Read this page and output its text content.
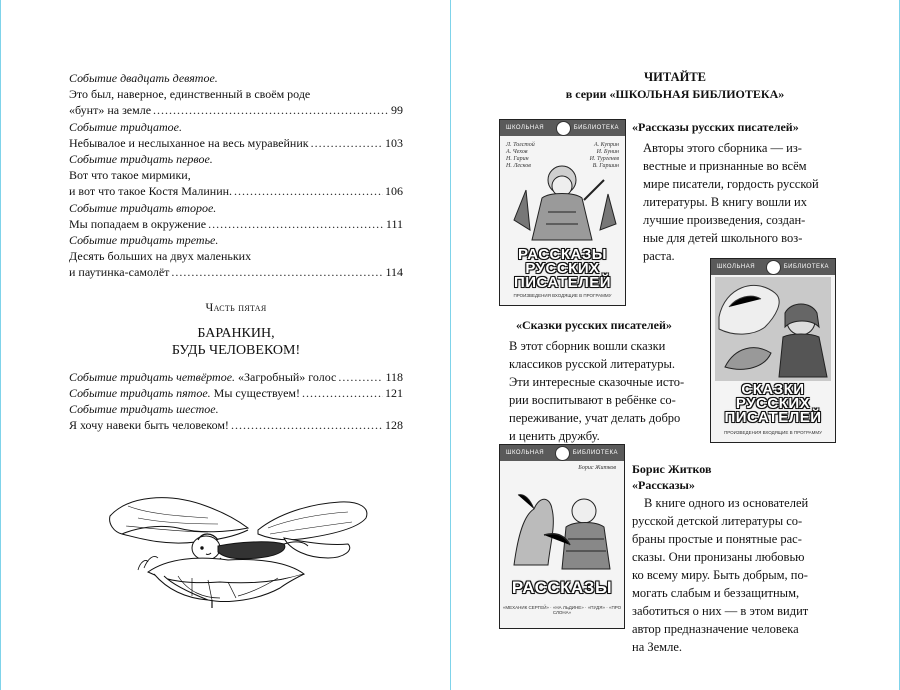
Событие двадцать девятое.
Это был, наверное, единственный в своём роде
«бунт» на земле .....	99
Событие тридцатое.
Небывалое и неслыханное на весь муравейник .....	103
Событие тридцать первое.
Вот что такое мирмики,
и вот что такое Костя Малинин. .....	106
Событие тридцать второе.
Мы попадаем в окружение .....	111
Событие тридцать третье.
Десять больших на двух маленьких
и паутинка-самолёт .....	114
Часть пятая
БАРАНКИН,
БУДЬ ЧЕЛОВЕКОМ!
Событие тридцать четвёртое. «Загробный» голос .....	118
Событие тридцать пятое. Мы существуем! .....	121
Событие тридцать шестое.
Я хочу навеки быть человеком! .....	128
ЧИТАЙТЕ
в серии «ШКОЛЬНАЯ БИБЛИОТЕКА»
ШКОЛЬНАЯ	БИБЛИОТЕКА
Л. Толстой
А. Чехов
Н. Гарин
Н. Лесков
А. Куприн
И. Бунин
И. Тургенев
В. Гаршин
РАССКАЗЫ
РУССКИХ
ПИСАТЕЛЕЙ
ПРОИЗВЕДЕНИЯ ВХОДЯЩИЕ В ПРОГРАММУ
«Рассказы русских писателей»
Авторы этого сборника — из-
вестные и признанные во всём
мире писатели, гордость русской
литературы. В книгу вошли их
лучшие произведения, создан-
ные для детей школьного воз-
раста.
ШКОЛЬНАЯ	БИБЛИОТЕКА
СКАЗКИ
РУССКИХ
ПИСАТЕЛЕЙ
ПРОИЗВЕДЕНИЯ ВХОДЯЩИЕ В ПРОГРАММУ
«Сказки русских писателей»
В этот сборник вошли сказки
классиков русской литературы.
Эти интересные сказочные исто-
рии воспитывают в ребёнке со-
переживание, учат делать добро
и ценить дружбу.
ШКОЛЬНАЯ	БИБЛИОТЕКА
Борис Житков
РАССКАЗЫ
«МЕХАНИК СЕРГЕЙ» · «НА ЛЬДИНЕ» · «ПУДЯ» · «ПРО СЛОНА»
Борис Житков
«Рассказы»
В книге одного из основателей
русской детской литературы со-
браны простые и понятные рас-
сказы. Они пронизаны любовью
ко всему миру. Быть добрым, по-
могать слабым и беззащитным,
заботиться о них — в этом видит
автор предназначение человека
на Земле.
